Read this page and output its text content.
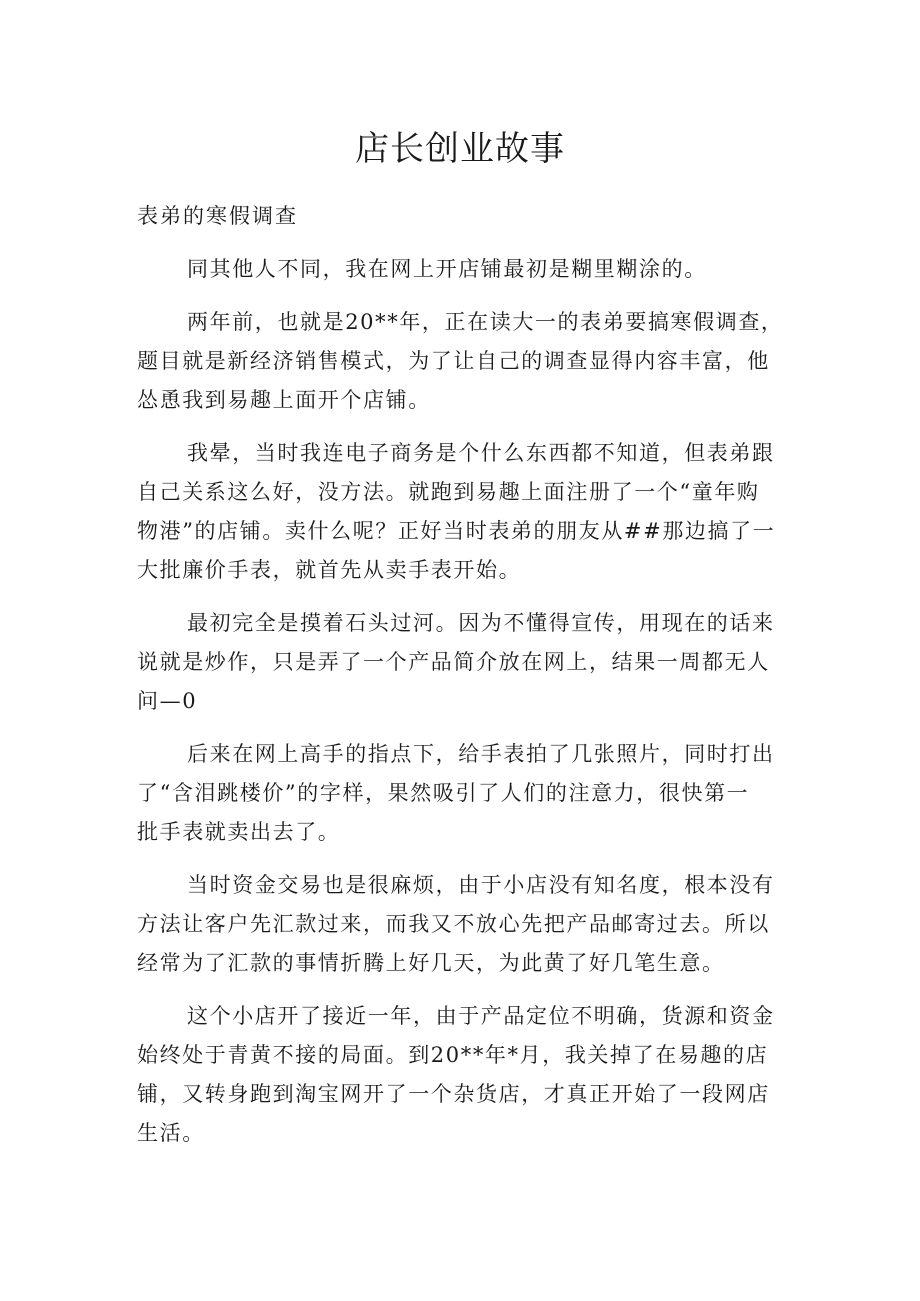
店长创业故事
表弟的寒假调查
同其他人不同，我在网上开店铺最初是糊里糊涂的。
两年前，也就是20**年，正在读大一的表弟要搞寒假调查，
题目就是新经济销售模式，为了让自己的调查显得内容丰富，他
怂恿我到易趣上面开个店铺。
我晕，当时我连电子商务是个什么东西都不知道，但表弟跟
自己关系这么好，没方法。就跑到易趣上面注册了一个“童年购
物港”的店铺。卖什么呢？正好当时表弟的朋友从##那边搞了一
大批廉价手表，就首先从卖手表开始。
最初完全是摸着石头过河。因为不懂得宣传，用现在的话来
说就是炒作，只是弄了一个产品简介放在网上，结果一周都无人
问—0
后来在网上高手的指点下，给手表拍了几张照片，同时打出
了“含泪跳楼价”的字样，果然吸引了人们的注意力，很快第一
批手表就卖出去了。
当时资金交易也是很麻烦，由于小店没有知名度，根本没有
方法让客户先汇款过来，而我又不放心先把产品邮寄过去。所以
经常为了汇款的事情折腾上好几天，为此黄了好几笔生意。
这个小店开了接近一年，由于产品定位不明确，货源和资金
始终处于青黄不接的局面。到20**年*月，我关掉了在易趣的店
铺，又转身跑到淘宝网开了一个杂货店，才真正开始了一段网店
生活。
